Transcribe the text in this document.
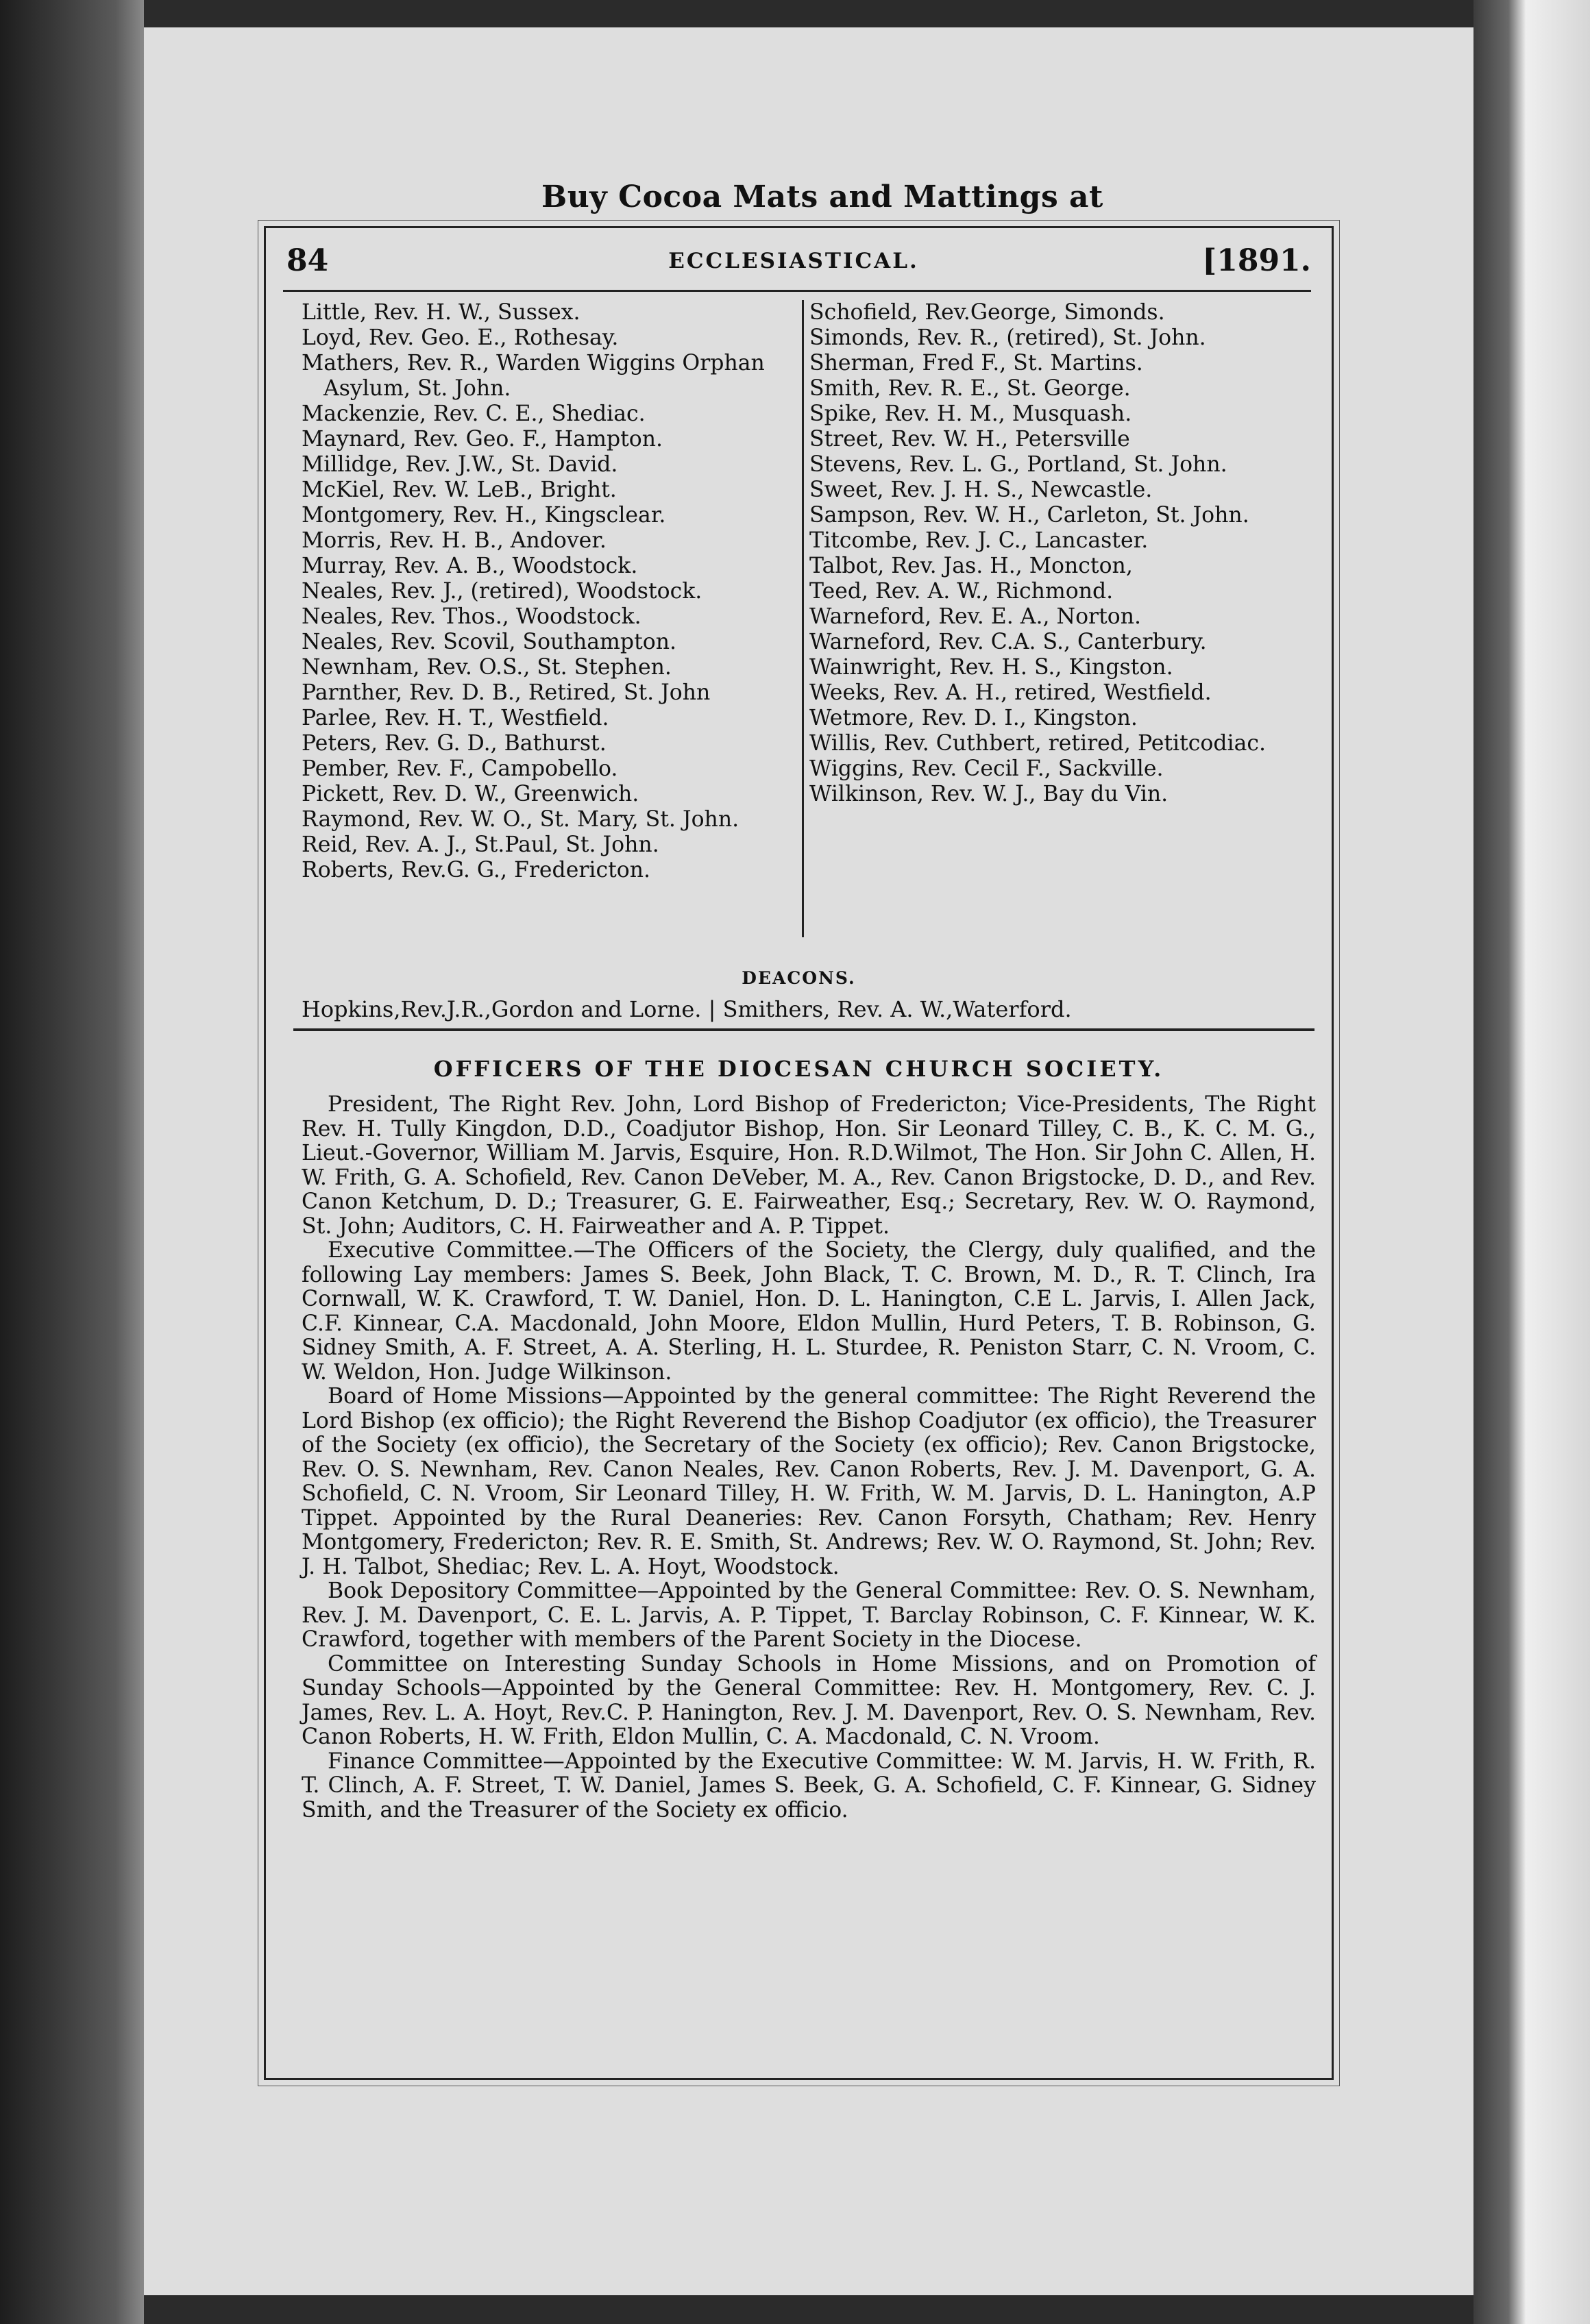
Buy Cocoa Mats and Mattings at
84	ECCLESIASTICAL.	[1891.
Little, Rev. H. W., Sussex.
Loyd, Rev. Geo. E., Rothesay.
Mathers, Rev. R., Warden Wiggins Orphan Asylum, St. John.
Mackenzie, Rev. C. E., Shediac.
Maynard, Rev. Geo. F., Hampton.
Millidge, Rev. J.W., St. David.
McKiel, Rev. W. LeB., Bright.
Montgomery, Rev. H., Kingsclear.
Morris, Rev. H. B., Andover.
Murray, Rev. A. B., Woodstock.
Neales, Rev. J., (retired), Woodstock.
Neales, Rev. Thos., Woodstock.
Neales, Rev. Scovil, Southampton.
Newnham, Rev. O.S., St. Stephen.
Parnther, Rev. D. B., Retired, St. John
Parlee, Rev. H. T., Westfield.
Peters, Rev. G. D., Bathurst.
Pember, Rev. F., Campobello.
Pickett, Rev. D. W., Greenwich.
Raymond, Rev. W. O., St. Mary, St. John.
Reid, Rev. A. J., St.Paul, St. John.
Roberts, Rev.G. G., Fredericton.
Schofield, Rev.George, Simonds.
Simonds, Rev. R., (retired), St. John.
Sherman, Fred F., St. Martins.
Smith, Rev. R. E., St. George.
Spike, Rev. H. M., Musquash.
Street, Rev. W. H., Petersville
Stevens, Rev. L. G., Portland, St. John.
Sweet, Rev. J. H. S., Newcastle.
Sampson, Rev. W. H., Carleton, St. John.
Titcombe, Rev. J. C., Lancaster.
Talbot, Rev. Jas. H., Moncton,
Teed, Rev. A. W., Richmond.
Warneford, Rev. E. A., Norton.
Warneford, Rev. C.A. S., Canterbury.
Wainwright, Rev. H. S., Kingston.
Weeks, Rev. A. H., retired, Westfield.
Wetmore, Rev. D. I., Kingston.
Willis, Rev. Cuthbert, retired, Petitcodiac.
Wiggins, Rev. Cecil F., Sackville.
Wilkinson, Rev. W. J., Bay du Vin.
DEACONS.
Hopkins,Rev.J.R.,Gordon and Lorne. | Smithers, Rev. A. W.,Waterford.
OFFICERS OF THE DIOCESAN CHURCH SOCIETY.

President, The Right Rev. John, Lord Bishop of Fredericton; Vice-Presidents, The Right Rev. H. Tully Kingdon, D.D., Coadjutor Bishop, Hon. Sir Leonard Tilley, C. B., K. C. M. G., Lieut.-Governor, William M. Jarvis, Esquire, Hon. R.D.Wilmot, The Hon. Sir John C. Allen, H. W. Frith, G. A. Schofield, Rev. Canon DeVeber, M. A., Rev. Canon Brigstocke, D. D., and Rev. Canon Ketchum, D. D.; Treasurer, G. E. Fairweather, Esq.; Secretary, Rev. W. O. Raymond, St. John; Auditors, C. H. Fairweather and A. P. Tippet.

Executive Committee.—The Officers of the Society, the Clergy, duly qualified, and the following Lay members: James S. Beek, John Black, T. C. Brown, M. D., R. T. Clinch, Ira Cornwall, W. K. Crawford, T. W. Daniel, Hon. D. L. Hanington, C.E L. Jarvis, I. Allen Jack, C.F. Kinnear, C.A. Macdonald, John Moore, Eldon Mullin, Hurd Peters, T. B. Robinson, G. Sidney Smith, A. F. Street, A. A. Sterling, H. L. Sturdee, R. Peniston Starr, C. N. Vroom, C. W. Weldon, Hon. Judge Wilkinson.

Board of Home Missions—Appointed by the general committee: The Right Reverend the Lord Bishop (ex officio); the Right Reverend the Bishop Coadjutor (ex officio), the Treasurer of the Society (ex officio), the Secretary of the Society (ex officio); Rev. Canon Brigstocke, Rev. O. S. Newnham, Rev. Canon Neales, Rev. Canon Roberts, Rev. J. M. Davenport, G. A. Schofield, C. N. Vroom, Sir Leonard Tilley, H. W. Frith, W. M. Jarvis, D. L. Hanington, A.P Tippet. Appointed by the Rural Deaneries: Rev. Canon Forsyth, Chatham; Rev. Henry Montgomery, Fredericton; Rev. R. E. Smith, St. Andrews; Rev. W. O. Raymond, St. John; Rev. J. H. Talbot, Shediac; Rev. L. A. Hoyt, Woodstock.

Book Depository Committee—Appointed by the General Committee: Rev. O. S. Newnham, Rev. J. M. Davenport, C. E. L. Jarvis, A. P. Tippet, T. Barclay Robinson, C. F. Kinnear, W. K. Crawford, together with members of the Parent Society in the Diocese.

Committee on Interesting Sunday Schools in Home Missions, and on Promotion of Sunday Schools—Appointed by the General Committee: Rev. H. Montgomery, Rev. C. J. James, Rev. L. A. Hoyt, Rev.C. P. Hanington, Rev. J. M. Davenport, Rev. O. S. Newnham, Rev. Canon Roberts, H. W. Frith, Eldon Mullin, C. A. Macdonald, C. N. Vroom.

Finance Committee—Appointed by the Executive Committee: W. M. Jarvis, H. W. Frith, R. T. Clinch, A. F. Street, T. W. Daniel, James S. Beek, G. A. Schofield, C. F. Kinnear, G. Sidney Smith, and the Treasurer of the Society ex officio.
